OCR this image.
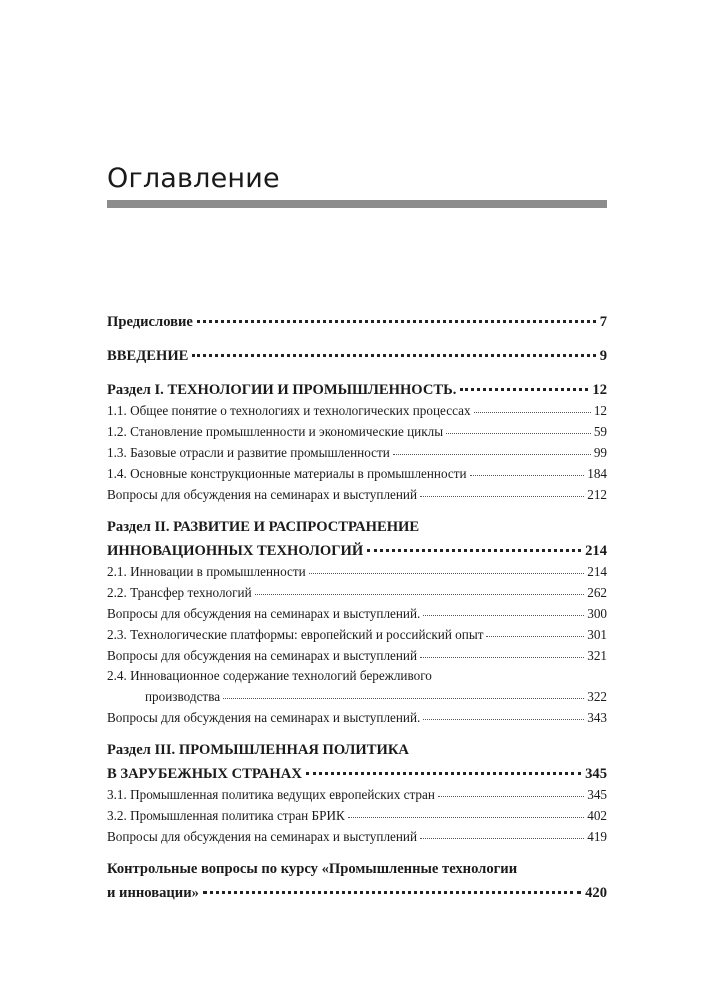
Оглавление
Предисловие	7
ВВЕДЕНИЕ	9
Раздел I. ТЕХНОЛОГИИ И ПРОМЫШЛЕННОСТЬ.	12
1.1. Общее понятие о технологиях и технологических процессах	12
1.2. Становление промышленности и экономические циклы	59
1.3. Базовые отрасли и развитие промышленности	99
1.4. Основные конструкционные материалы в промышленности	184
Вопросы для обсуждения на семинарах и выступлений	212
Раздел II. РАЗВИТИЕ И РАСПРОСТРАНЕНИЕ
ИННОВАЦИОННЫХ ТЕХНОЛОГИЙ	214
2.1. Инновации в промышленности	214
2.2. Трансфер технологий	262
Вопросы для обсуждения на семинарах и выступлений.	300
2.3. Технологические платформы: европейский и российский опыт	301
Вопросы для обсуждения на семинарах и выступлений	321
2.4. Инновационное содержание технологий бережливого
производства	322
Вопросы для обсуждения на семинарах и выступлений.	343
Раздел III. ПРОМЫШЛЕННАЯ ПОЛИТИКА
В ЗАРУБЕЖНЫХ СТРАНАХ	345
3.1. Промышленная политика ведущих европейских стран	345
3.2. Промышленная политика стран БРИК	402
Вопросы для обсуждения на семинарах и выступлений	419
Контрольные вопросы по курсу «Промышленные технологии
и инновации»	420
